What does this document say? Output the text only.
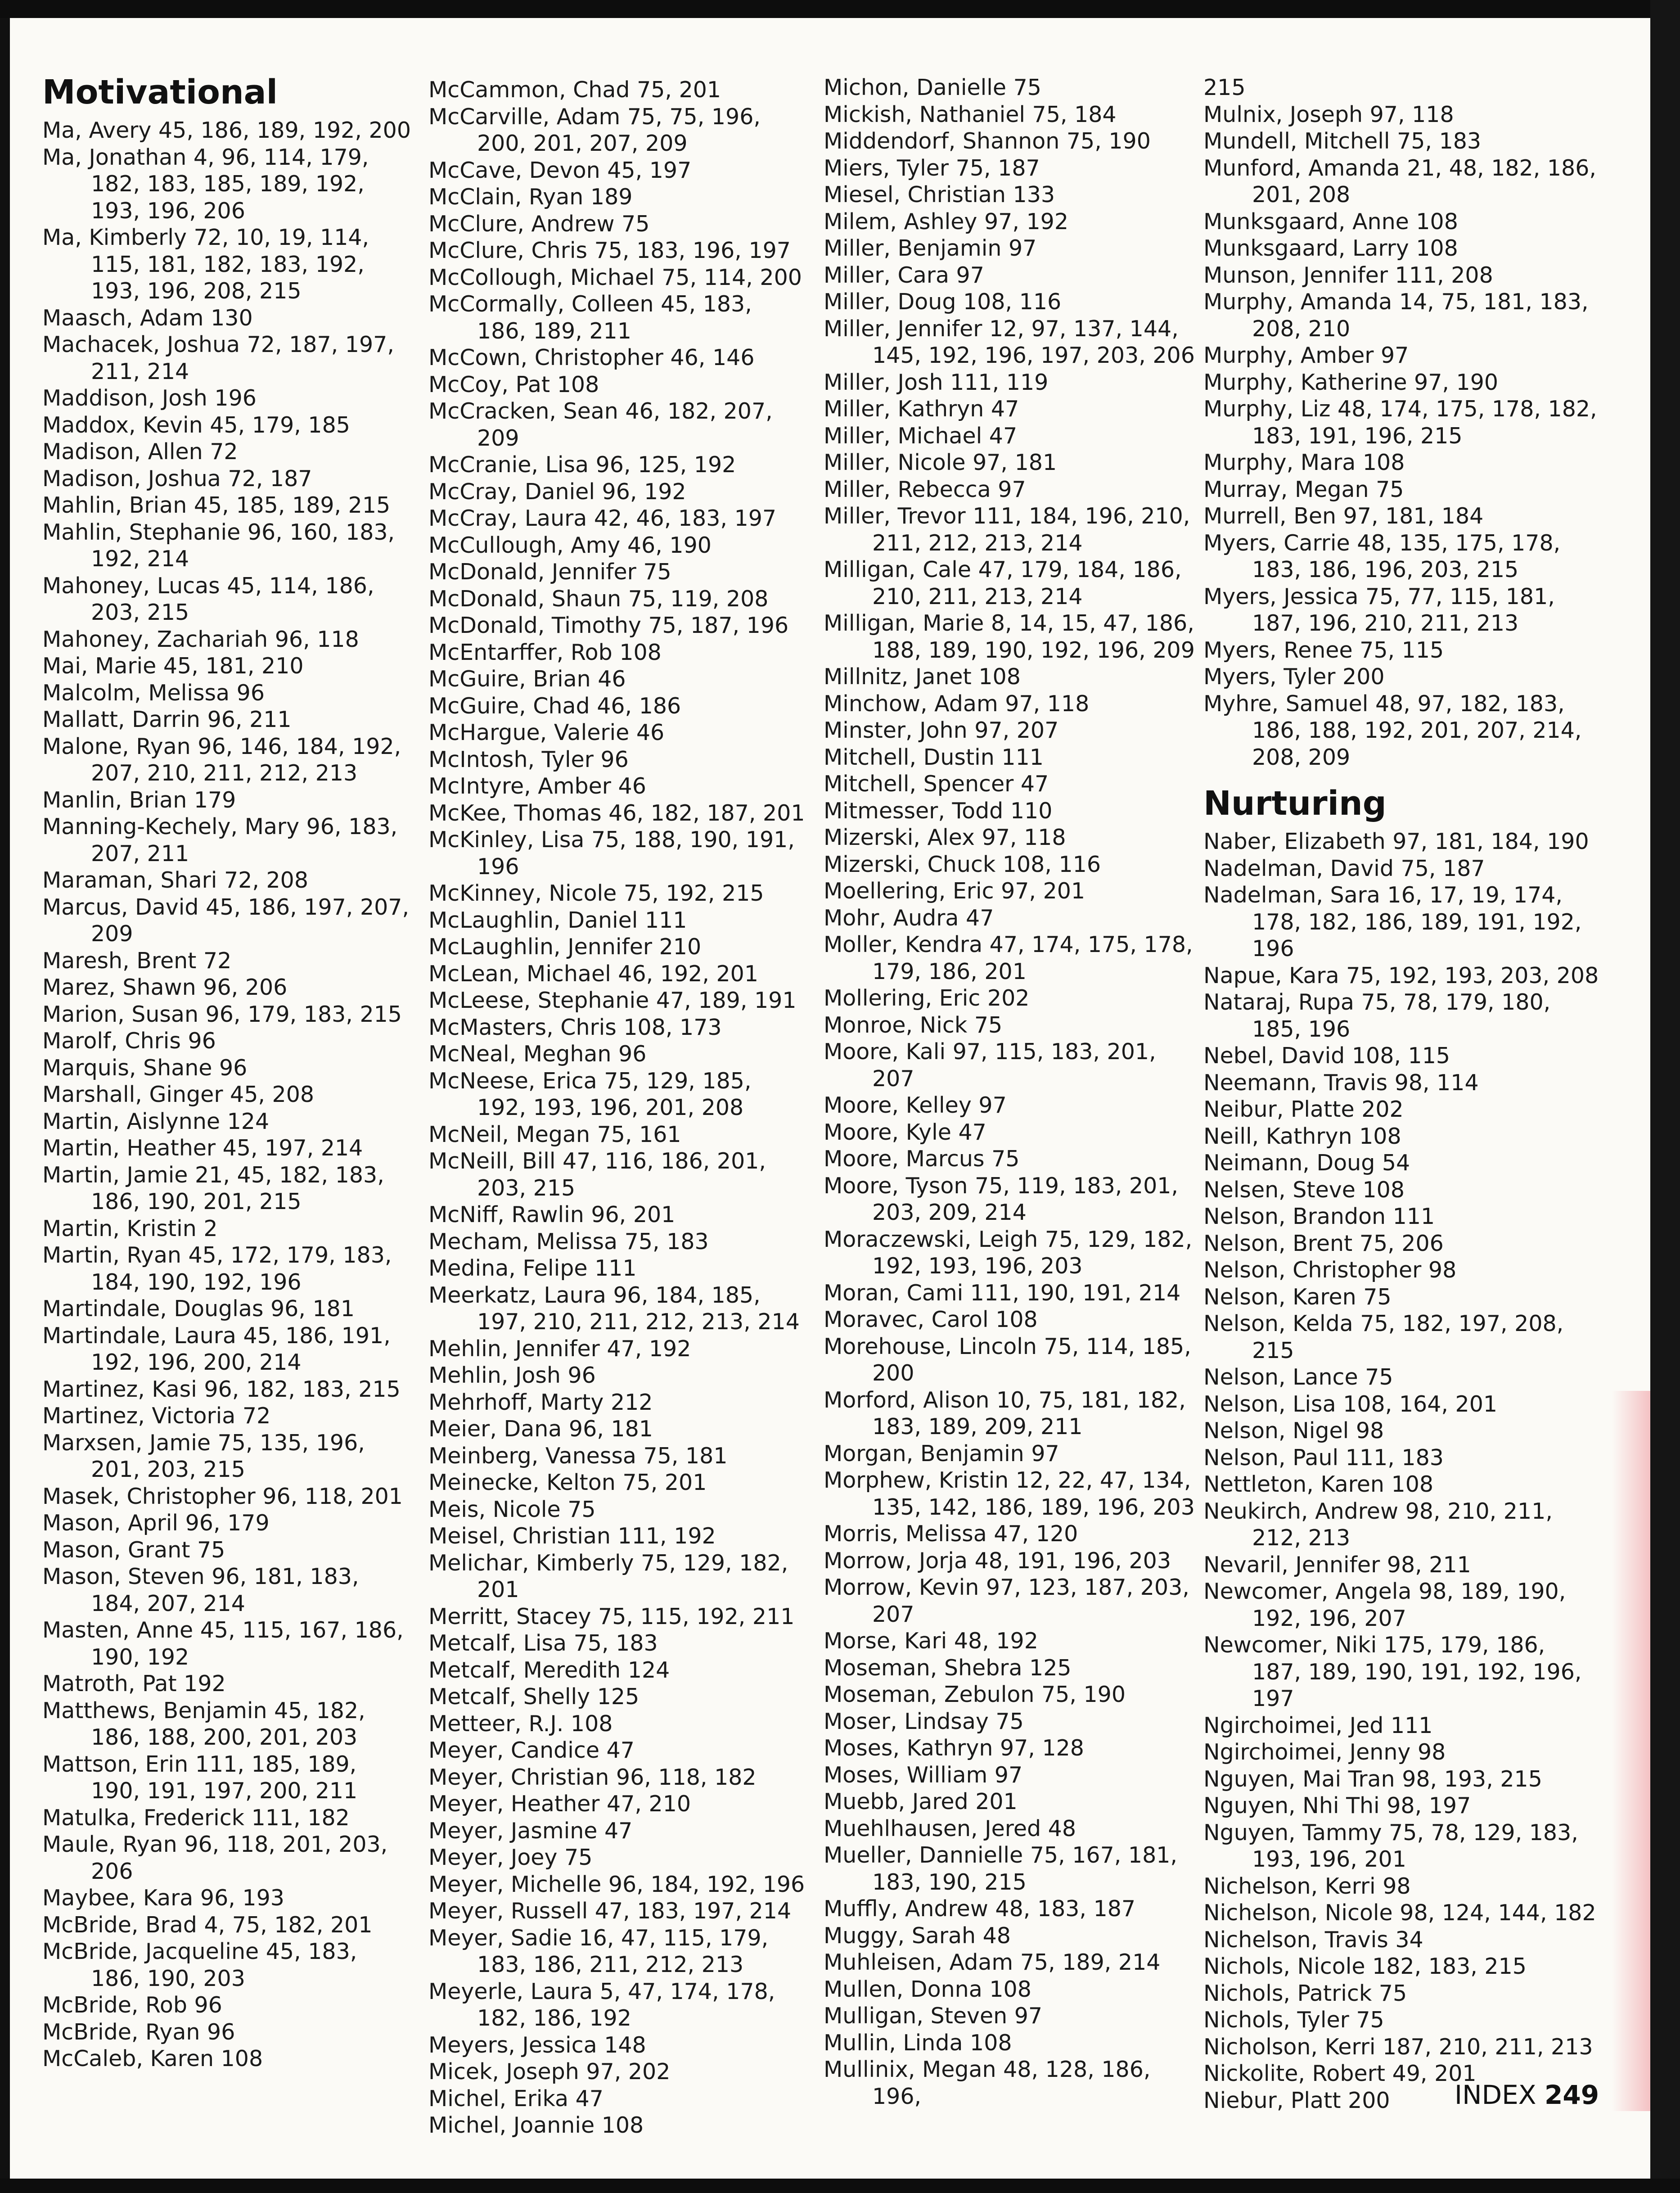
Motivational
Ma, Avery 45, 186, 189, 192, 200
Ma, Jonathan 4, 96, 114, 179, 182, 183, 185, 189, 192, 193, 196, 206
Ma, Kimberly 72, 10, 19, 114, 115, 181, 182, 183, 192, 193, 196, 208, 215
Maasch, Adam 130
Machacek, Joshua 72, 187, 197, 211, 214
Maddison, Josh 196
Maddox, Kevin 45, 179, 185
Madison, Allen 72
Madison, Joshua 72, 187
Mahlin, Brian 45, 185, 189, 215
Mahlin, Stephanie 96, 160, 183, 192, 214
Mahoney, Lucas 45, 114, 186, 203, 215
Mahoney, Zachariah 96, 118
Mai, Marie 45, 181, 210
Malcolm, Melissa 96
Mallatt, Darrin 96, 211
Malone, Ryan 96, 146, 184, 192, 207, 210, 211, 212, 213
Manlin, Brian 179
Manning-Kechely, Mary 96, 183, 207, 211
Maraman, Shari 72, 208
Marcus, David 45, 186, 197, 207, 209
Maresh, Brent 72
Marez, Shawn 96, 206
Marion, Susan 96, 179, 183, 215
Marolf, Chris 96
Marquis, Shane 96
Marshall, Ginger 45, 208
Martin, Aislynne 124
Martin, Heather 45, 197, 214
Martin, Jamie 21, 45, 182, 183, 186, 190, 201, 215
Martin, Kristin 2
Martin, Ryan 45, 172, 179, 183, 184, 190, 192, 196
Martindale, Douglas 96, 181
Martindale, Laura 45, 186, 191, 192, 196, 200, 214
Martinez, Kasi 96, 182, 183, 215
Martinez, Victoria 72
Marxsen, Jamie 75, 135, 196, 201, 203, 215
Masek, Christopher 96, 118, 201
Mason, April 96, 179
Mason, Grant 75
Mason, Steven 96, 181, 183, 184, 207, 214
Masten, Anne 45, 115, 167, 186, 190, 192
Matroth, Pat 192
Matthews, Benjamin 45, 182, 186, 188, 200, 201, 203
Mattson, Erin 111, 185, 189, 190, 191, 197, 200, 211
Matulka, Frederick 111, 182
Maule, Ryan 96, 118, 201, 203, 206
Maybee, Kara 96, 193
McBride, Brad 4, 75, 182, 201
McBride, Jacqueline 45, 183, 186, 190, 203
McBride, Rob 96
McBride, Ryan 96
McCaleb, Karen 108
McCammon, Chad 75, 201
McCarville, Adam 75, 75, 196, 200, 201, 207, 209
McCave, Devon 45, 197
McClain, Ryan 189
McClure, Andrew 75
McClure, Chris 75, 183, 196, 197
McCollough, Michael 75, 114, 200
McCormally, Colleen 45, 183, 186, 189, 211
McCown, Christopher 46, 146
McCoy, Pat 108
McCracken, Sean 46, 182, 207, 209
McCranie, Lisa 96, 125, 192
McCray, Daniel 96, 192
McCray, Laura 42, 46, 183, 197
McCullough, Amy 46, 190
McDonald, Jennifer 75
McDonald, Shaun 75, 119, 208
McDonald, Timothy 75, 187, 196
McEntarffer, Rob 108
McGuire, Brian 46
McGuire, Chad 46, 186
McHargue, Valerie 46
McIntosh, Tyler 96
McIntyre, Amber 46
McKee, Thomas 46, 182, 187, 201
McKinley, Lisa 75, 188, 190, 191, 196
McKinney, Nicole 75, 192, 215
McLaughlin, Daniel 111
McLaughlin, Jennifer 210
McLean, Michael 46, 192, 201
McLeese, Stephanie 47, 189, 191
McMasters, Chris 108, 173
McNeal, Meghan 96
McNeese, Erica 75, 129, 185, 192, 193, 196, 201, 208
McNeil, Megan 75, 161
McNeill, Bill 47, 116, 186, 201, 203, 215
McNiff, Rawlin 96, 201
Mecham, Melissa 75, 183
Medina, Felipe 111
Meerkatz, Laura 96, 184, 185, 197, 210, 211, 212, 213, 214
Mehlin, Jennifer 47, 192
Mehlin, Josh 96
Mehrhoff, Marty 212
Meier, Dana 96, 181
Meinberg, Vanessa 75, 181
Meinecke, Kelton 75, 201
Meis, Nicole 75
Meisel, Christian 111, 192
Melichar, Kimberly 75, 129, 182, 201
Merritt, Stacey 75, 115, 192, 211
Metcalf, Lisa 75, 183
Metcalf, Meredith 124
Metcalf, Shelly 125
Metteer, R.J. 108
Meyer, Candice 47
Meyer, Christian 96, 118, 182
Meyer, Heather 47, 210
Meyer, Jasmine 47
Meyer, Joey 75
Meyer, Michelle 96, 184, 192, 196
Meyer, Russell 47, 183, 197, 214
Meyer, Sadie 16, 47, 115, 179, 183, 186, 211, 212, 213
Meyerle, Laura 5, 47, 174, 178, 182, 186, 192
Meyers, Jessica 148
Micek, Joseph 97, 202
Michel, Erika 47
Michel, Joannie 108
Michon, Danielle 75
Mickish, Nathaniel 75, 184
Middendorf, Shannon 75, 190
Miers, Tyler 75, 187
Miesel, Christian 133
Milem, Ashley 97, 192
Miller, Benjamin 97
Miller, Cara 97
Miller, Doug 108, 116
Miller, Jennifer 12, 97, 137, 144, 145, 192, 196, 197, 203, 206
Miller, Josh 111, 119
Miller, Kathryn 47
Miller, Michael 47
Miller, Nicole 97, 181
Miller, Rebecca 97
Miller, Trevor 111, 184, 196, 210, 211, 212, 213, 214
Milligan, Cale 47, 179, 184, 186, 210, 211, 213, 214
Milligan, Marie 8, 14, 15, 47, 186, 188, 189, 190, 192, 196, 209
Millnitz, Janet 108
Minchow, Adam 97, 118
Minster, John 97, 207
Mitchell, Dustin 111
Mitchell, Spencer 47
Mitmesser, Todd 110
Mizerski, Alex 97, 118
Mizerski, Chuck 108, 116
Moellering, Eric 97, 201
Mohr, Audra 47
Moller, Kendra 47, 174, 175, 178, 179, 186, 201
Mollering, Eric 202
Monroe, Nick 75
Moore, Kali 97, 115, 183, 201, 207
Moore, Kelley 97
Moore, Kyle 47
Moore, Marcus 75
Moore, Tyson 75, 119, 183, 201, 203, 209, 214
Moraczewski, Leigh 75, 129, 182, 192, 193, 196, 203
Moran, Cami 111, 190, 191, 214
Moravec, Carol 108
Morehouse, Lincoln 75, 114, 185, 200
Morford, Alison 10, 75, 181, 182, 183, 189, 209, 211
Morgan, Benjamin 97
Morphew, Kristin 12, 22, 47, 134, 135, 142, 186, 189, 196, 203
Morris, Melissa 47, 120
Morrow, Jorja 48, 191, 196, 203
Morrow, Kevin 97, 123, 187, 203, 207
Morse, Kari 48, 192
Moseman, Shebra 125
Moseman, Zebulon 75, 190
Moser, Lindsay 75
Moses, Kathryn 97, 128
Moses, William 97
Muebb, Jared 201
Muehlhausen, Jered 48
Mueller, Dannielle 75, 167, 181, 183, 190, 215
Muffly, Andrew 48, 183, 187
Muggy, Sarah 48
Muhleisen, Adam 75, 189, 214
Mullen, Donna 108
Mulligan, Steven 97
Mullin, Linda 108
Mullinix, Megan 48, 128, 186, 196,
215
Mulnix, Joseph 97, 118
Mundell, Mitchell 75, 183
Munford, Amanda 21, 48, 182, 186, 201, 208
Munksgaard, Anne 108
Munksgaard, Larry 108
Munson, Jennifer 111, 208
Murphy, Amanda 14, 75, 181, 183, 208, 210
Murphy, Amber 97
Murphy, Katherine 97, 190
Murphy, Liz 48, 174, 175, 178, 182, 183, 191, 196, 215
Murphy, Mara 108
Murray, Megan 75
Murrell, Ben 97, 181, 184
Myers, Carrie 48, 135, 175, 178, 183, 186, 196, 203, 215
Myers, Jessica 75, 77, 115, 181, 187, 196, 210, 211, 213
Myers, Renee 75, 115
Myers, Tyler 200
Myhre, Samuel 48, 97, 182, 183, 186, 188, 192, 201, 207, 214, 208, 209
Nurturing
Naber, Elizabeth 97, 181, 184, 190
Nadelman, David 75, 187
Nadelman, Sara 16, 17, 19, 174, 178, 182, 186, 189, 191, 192, 196
Napue, Kara 75, 192, 193, 203, 208
Nataraj, Rupa 75, 78, 179, 180, 185, 196
Nebel, David 108, 115
Neemann, Travis 98, 114
Neibur, Platte 202
Neill, Kathryn 108
Neimann, Doug 54
Nelsen, Steve 108
Nelson, Brandon 111
Nelson, Brent 75, 206
Nelson, Christopher 98
Nelson, Karen 75
Nelson, Kelda 75, 182, 197, 208, 215
Nelson, Lance 75
Nelson, Lisa 108, 164, 201
Nelson, Nigel 98
Nelson, Paul 111, 183
Nettleton, Karen 108
Neukirch, Andrew 98, 210, 211, 212, 213
Nevaril, Jennifer 98, 211
Newcomer, Angela 98, 189, 190, 192, 196, 207
Newcomer, Niki 175, 179, 186, 187, 189, 190, 191, 192, 196, 197
Ngirchoimei, Jed 111
Ngirchoimei, Jenny 98
Nguyen, Mai Tran 98, 193, 215
Nguyen, Nhi Thi 98, 197
Nguyen, Tammy 75, 78, 129, 183, 193, 196, 201
Nichelson, Kerri 98
Nichelson, Nicole 98, 124, 144, 182
Nichelson, Travis 34
Nichols, Nicole 182, 183, 215
Nichols, Patrick 75
Nichols, Tyler 75
Nicholson, Kerri 187, 210, 211, 213
Nickolite, Robert 49, 201
Niebur, Platt 200	INDEX 249
